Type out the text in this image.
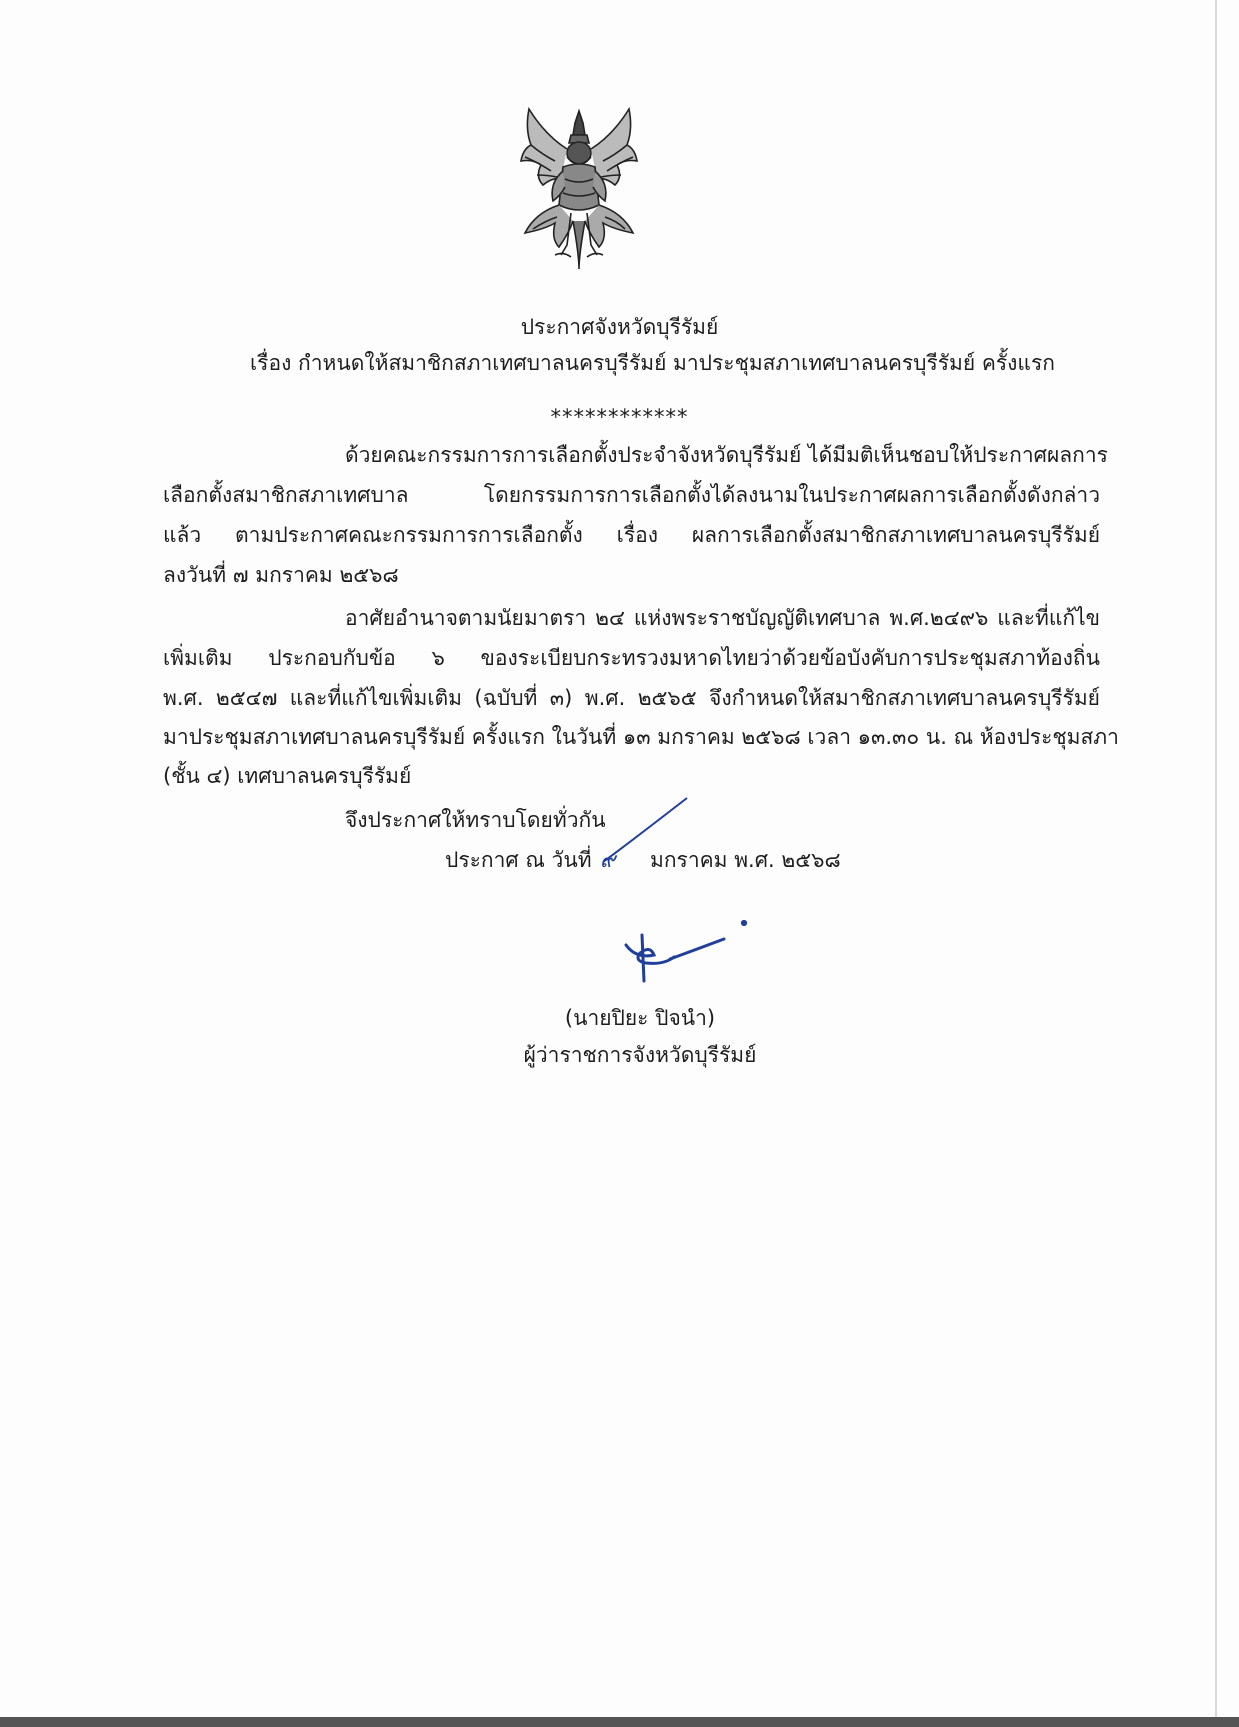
ประกาศจังหวัดบุรีรัมย์
เรื่อง กำหนดให้สมาชิกสภาเทศบาลนครบุรีรัมย์ มาประชุมสภาเทศบาลนครบุรีรัมย์ ครั้งแรก
************
ด้วยคณะกรรมการการเลือกตั้งประจำจังหวัดบุรีรัมย์ ได้มีมติเห็นชอบให้ประกาศผลการ
เลือกตั้งสมาชิกสภาเทศบาล โดยกรรมการการเลือกตั้งได้ลงนามในประกาศผลการเลือกตั้งดังกล่าว
แล้ว ตามประกาศคณะกรรมการการเลือกตั้ง เรื่อง ผลการเลือกตั้งสมาชิกสภาเทศบาลนครบุรีรัมย์
ลงวันที่ ๗ มกราคม ๒๕๖๘
อาศัยอำนาจตามนัยมาตรา ๒๔ แห่งพระราชบัญญัติเทศบาล พ.ศ.๒๔๙๖ และที่แก้ไข
เพิ่มเติม ประกอบกับข้อ ๖ ของระเบียบกระทรวงมหาดไทยว่าด้วยข้อบังคับการประชุมสภาท้องถิ่น
พ.ศ. ๒๕๔๗ และที่แก้ไขเพิ่มเติม (ฉบับที่ ๓) พ.ศ. ๒๕๖๕ จึงกำหนดให้สมาชิกสภาเทศบาลนครบุรีรัมย์
มาประชุมสภาเทศบาลนครบุรีรัมย์ ครั้งแรก ในวันที่ ๑๓ มกราคม ๒๕๖๘ เวลา ๑๓.๓๐ น. ณ ห้องประชุมสภา
(ชั้น ๔) เทศบาลนครบุรีรัมย์
จึงประกาศให้ทราบโดยทั่วกัน
ประกาศ ณ วันที่ ๙ มกราคม พ.ศ. ๒๕๖๘
(นายปิยะ ปิจนำ)
ผู้ว่าราชการจังหวัดบุรีรัมย์
